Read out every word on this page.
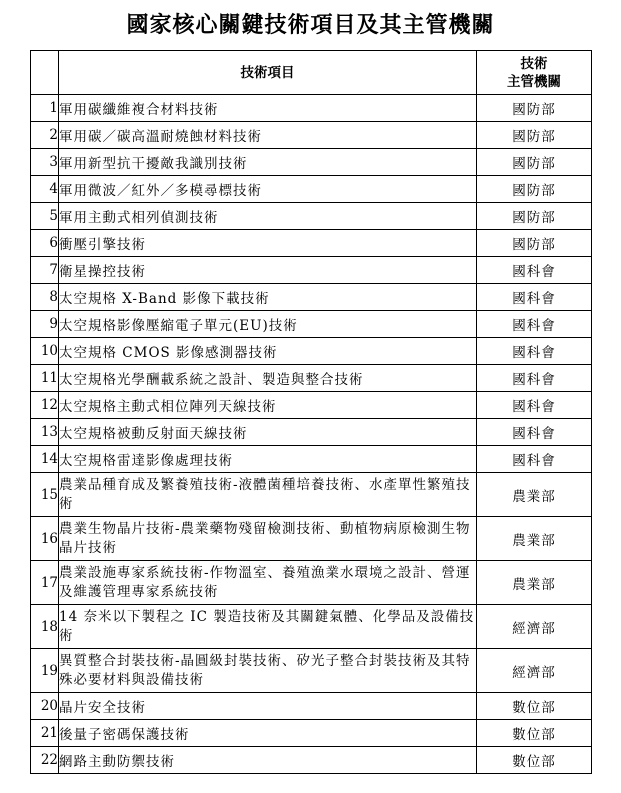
國家核心關鍵技術項目及其主管機關
	技術項目	技術
主管機關

1	軍用碳纖維複合材料技術	國防部
2	軍用碳／碳高溫耐燒蝕材料技術	國防部
3	軍用新型抗干擾敵我識別技術	國防部
4	軍用微波／紅外／多模尋標技術	國防部
5	軍用主動式相列偵測技術	國防部
6	衝壓引擎技術	國防部
7	衛星操控技術	國科會
8	太空規格 X-Band 影像下載技術	國科會
9	太空規格影像壓縮電子單元(EU)技術	國科會
10	太空規格 CMOS 影像感測器技術	國科會
11	太空規格光學酬載系統之設計、製造與整合技術	國科會
12	太空規格主動式相位陣列天線技術	國科會
13	太空規格被動反射面天線技術	國科會
14	太空規格雷達影像處理技術	國科會
15	農業品種育成及繁養殖技術-液體菌種培養技術、水產單性繁殖技術	農業部
16	農業生物晶片技術-農業藥物殘留檢測技術、動植物病原檢測生物晶片技術	農業部
17	農業設施專家系統技術-作物溫室、養殖漁業水環境之設計、營運及維護管理專家系統技術	農業部
18	14 奈米以下製程之 IC 製造技術及其關鍵氣體、化學品及設備技術	經濟部
19	異質整合封裝技術-晶圓級封裝技術、矽光子整合封裝技術及其特殊必要材料與設備技術	經濟部
20	晶片安全技術	數位部
21	後量子密碼保護技術	數位部
22	網路主動防禦技術	數位部
